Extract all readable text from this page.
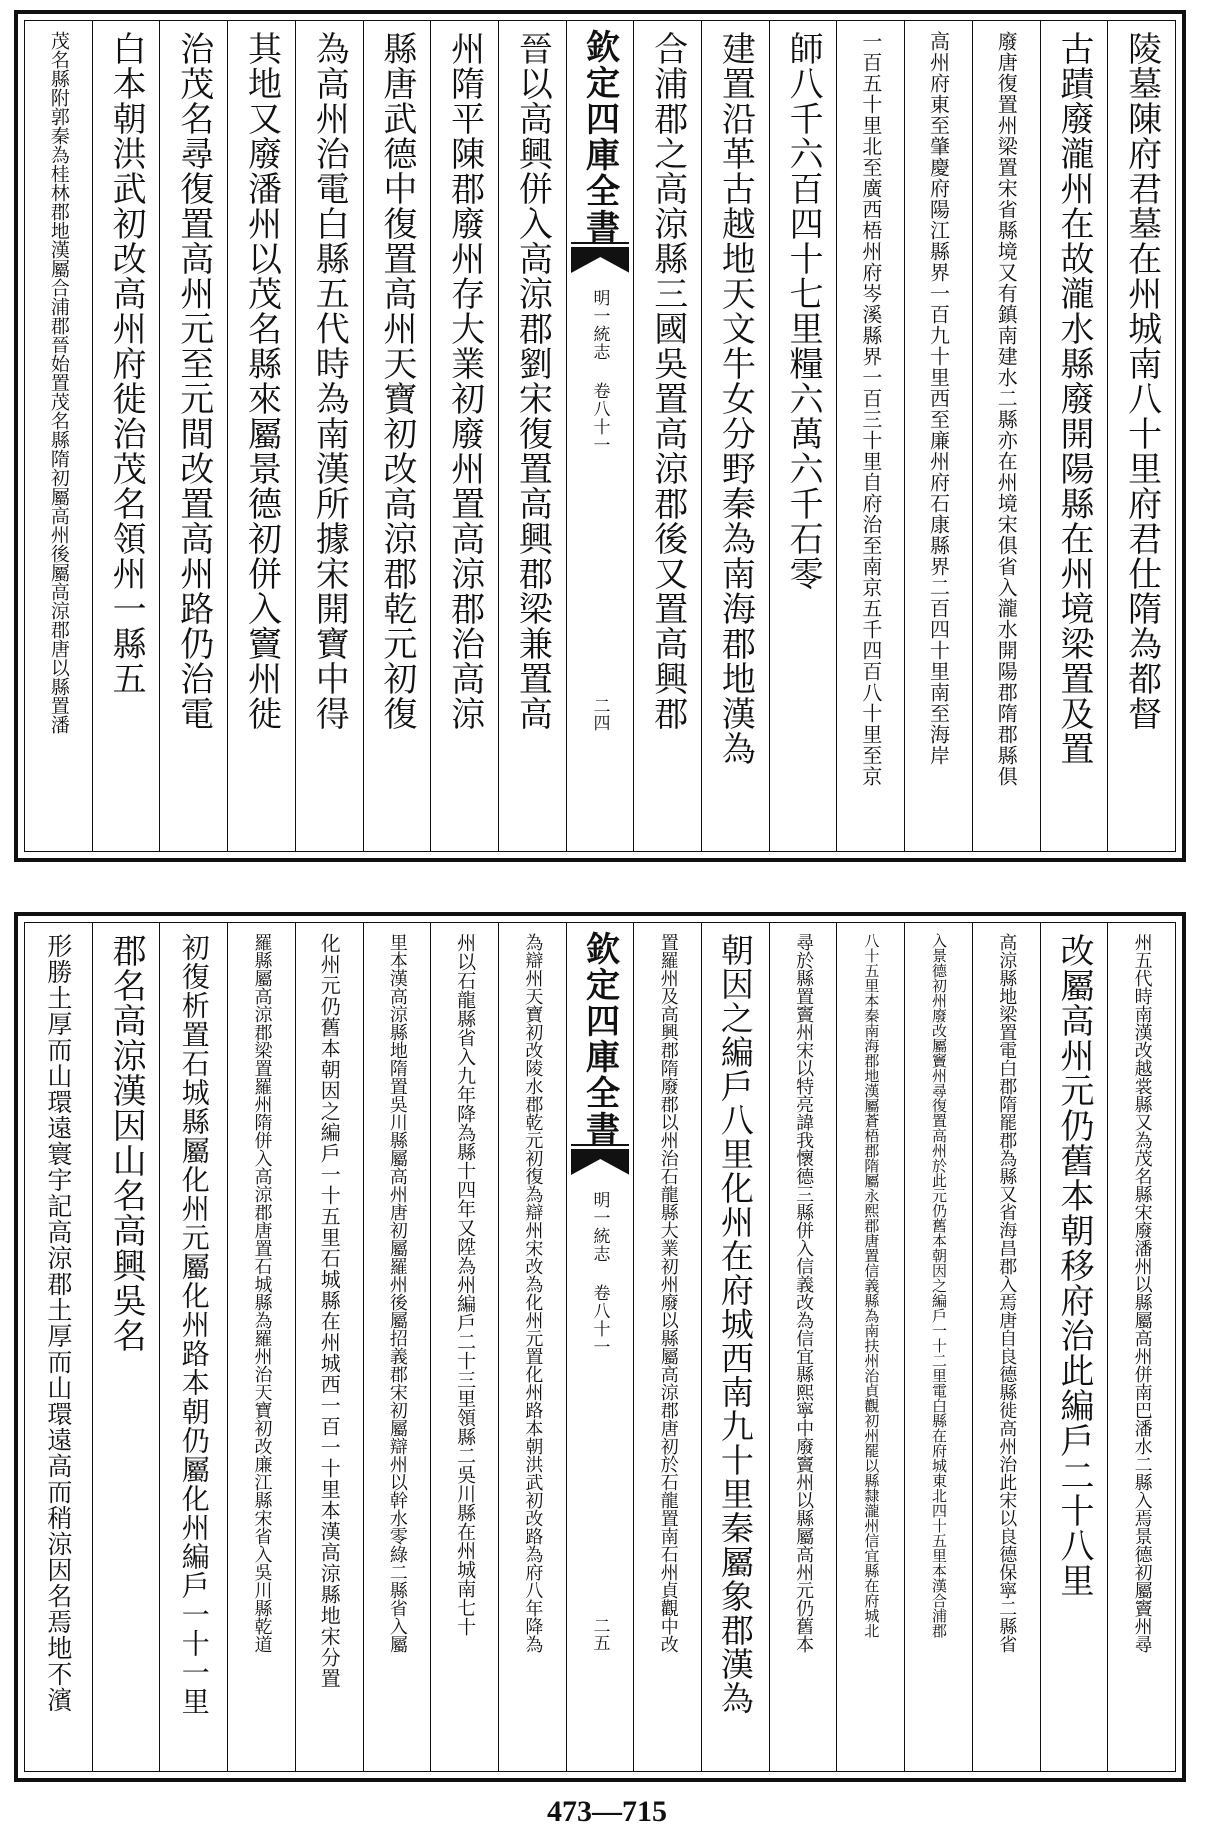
陵墓陳府君墓在州城南八十里府君仕隋為都督
古蹟廢瀧州在故瀧水縣廢開陽縣在州境梁置及置
廢唐復置州梁置宋省縣境又有鎮南建水二縣亦在州境宋俱省入瀧水開陽郡隋郡縣俱
高州府東至肇慶府陽江縣界一百九十里西至廉州府石康縣界二百四十里南至海岸
一百五十里北至廣西梧州府岑溪縣界一百三十里自府治至南京五千四百八十里至京
師八千六百四十七里糧六萬六千石零
建置沿革古越地天文牛女分野秦為南海郡地漢為
合浦郡之高涼縣三國吳置高涼郡後又置高興郡
欽定四庫全書
明一統志 卷八十一
二四
晉以高興併入高涼郡劉宋復置高興郡梁兼置高
州隋平陳郡廢州存大業初廢州置高涼郡治高涼
縣唐武德中復置高州天寶初改高涼郡乾元初復
為高州治電白縣五代時為南漢所據宋開寶中得
其地又廢潘州以茂名縣來屬景德初併入竇州徙
治茂名尋復置高州元至元間改置高州路仍治電
白本朝洪武初改高州府徙治茂名領州一縣五
茂名縣附郭秦為桂林郡地漢屬合浦郡晉始置茂名縣隋初屬高州後屬高涼郡唐以縣置潘
州五代時南漢改越裳縣又為茂名縣宋廢潘州以縣屬高州併南巴潘水二縣入焉景德初屬竇州尋
改屬高州元仍舊本朝移府治此編戶二十八里
高涼縣地梁置電白郡隋罷郡為縣又省海昌郡入焉唐自良德縣徙高州治此宋以良德保寧二縣省
入景德初州廢改屬竇州尋復置高州於此元仍舊本朝因之編戶一十二里電白縣在府城東北四十五里本漢合浦郡
八十五里本秦南海郡地漢屬蒼梧郡隋屬永熙郡唐置信義縣為南扶州治貞觀初州罷以縣隸瀧州信宜縣在府城北
尋於縣置竇州宋以特亮諱我懷德三縣併入信義改為信宜縣熙寧中廢竇州以縣屬高州元仍舊本
朝因之編戶八里化州在府城西南九十里秦屬象郡漢為
置羅州及高興郡隋廢郡以州治石龍縣大業初州廢以縣屬高涼郡唐初於石龍置南石州貞觀中改
欽定四庫全書
明一統志 卷八十一
二五
為辯州天寶初改陵水郡乾元初復為辯州宋改為化州元置化州路本朝洪武初改路為府八年降為
州以石龍縣省入九年降為縣十四年又陞為州編戶二十三里領縣二吳川縣在州城南七十
里本漢高涼縣地隋置吳川縣屬高州唐初屬羅州後屬招義郡宋初屬辯州以幹水零綠二縣省入屬
化州元仍舊本朝因之編戶一十五里石城縣在州城西一百一十里本漢高涼縣地宋分置
羅縣屬高涼郡梁置羅州隋併入高涼郡唐置石城縣為羅州治天寶初改廉江縣宋省入吳川縣乾道
初復析置石城縣屬化州元屬化州路本朝仍屬化州編戶一十一里
郡名高涼漢因山名高興吳名
形勝土厚而山環遠寰宇記高涼郡土厚而山環遠高而稍涼因名焉地不濱
473—715
